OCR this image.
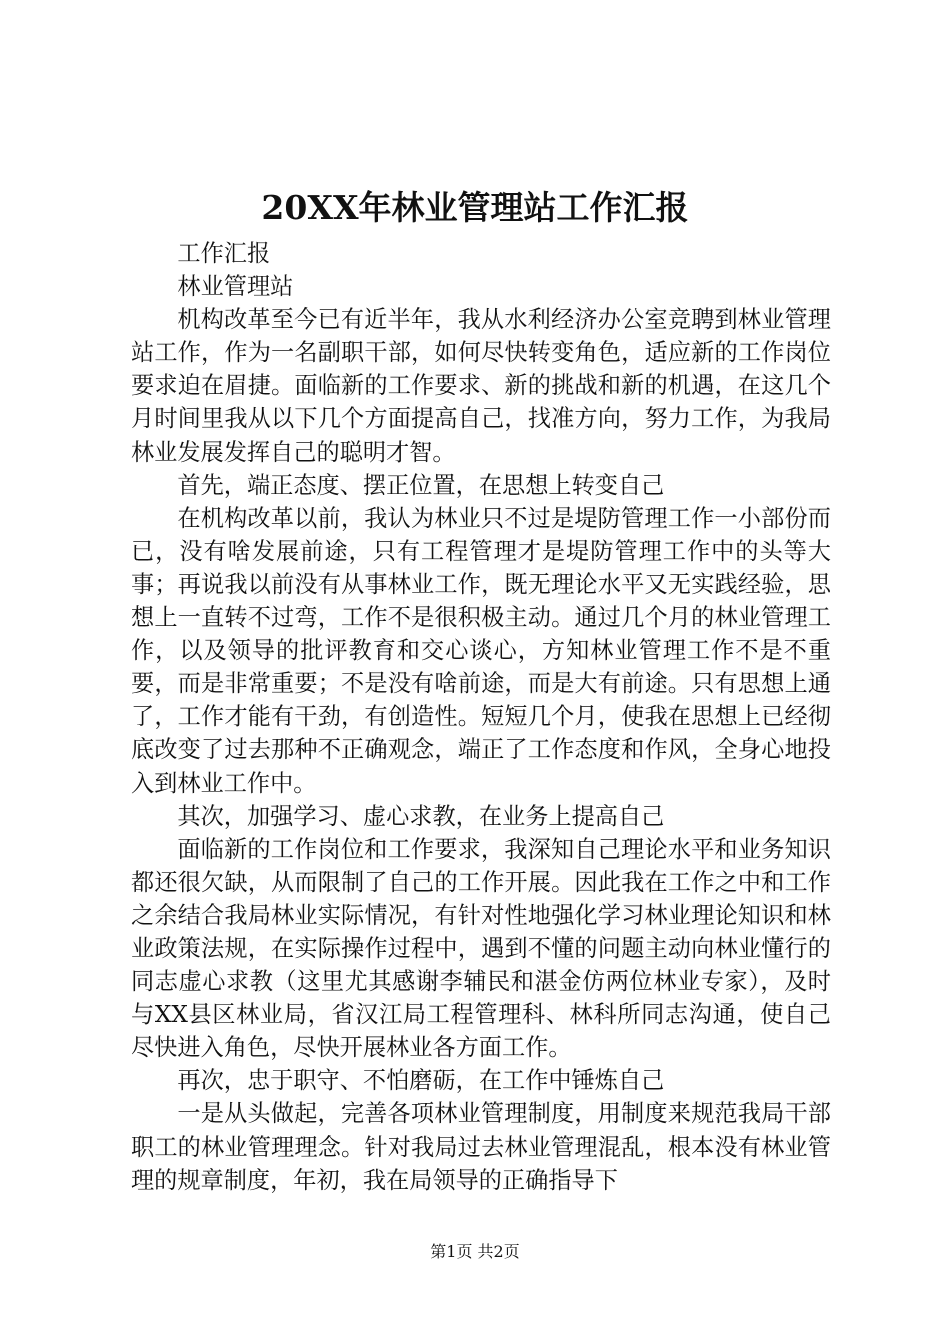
20XX年林业管理站工作汇报

工作汇报

林业管理站

机构改革至今已有近半年，我从水利经济办公室竞聘到林业管理站工作，作为一名副职干部，如何尽快转变角色，适应新的工作岗位要求迫在眉捷。面临新的工作要求、新的挑战和新的机遇，在这几个月时间里我从以下几个方面提高自己，找准方向，努力工作，为我局林业发展发挥自己的聪明才智。

首先，端正态度、摆正位置，在思想上转变自己

在机构改革以前，我认为林业只不过是堤防管理工作一小部份而已，没有啥发展前途，只有工程管理才是堤防管理工作中的头等大事；再说我以前没有从事林业工作，既无理论水平又无实践经验，思想上一直转不过弯，工作不是很积极主动。通过几个月的林业管理工作，以及领导的批评教育和交心谈心，方知林业管理工作不是不重要，而是非常重要；不是没有啥前途，而是大有前途。只有思想上通了，工作才能有干劲，有创造性。短短几个月，使我在思想上已经彻底改变了过去那种不正确观念，端正了工作态度和作风，全身心地投入到林业工作中。

其次，加强学习、虚心求教，在业务上提高自己

面临新的工作岗位和工作要求，我深知自己理论水平和业务知识都还很欠缺，从而限制了自己的工作开展。因此我在工作之中和工作之余结合我局林业实际情况，有针对性地强化学习林业理论知识和林业政策法规，在实际操作过程中，遇到不懂的问题主动向林业懂行的同志虚心求教（这里尤其感谢李辅民和湛金仿两位林业专家），及时与XX县区林业局，省汉江局工程管理科、林科所同志沟通，使自己尽快进入角色，尽快开展林业各方面工作。

再次，忠于职守、不怕磨砺，在工作中锤炼自己

一是从头做起，完善各项林业管理制度，用制度来规范我局干部职工的林业管理理念。针对我局过去林业管理混乱，根本没有林业管理的规章制度，年初，我在局领导的正确指导下

第1页 共2页
